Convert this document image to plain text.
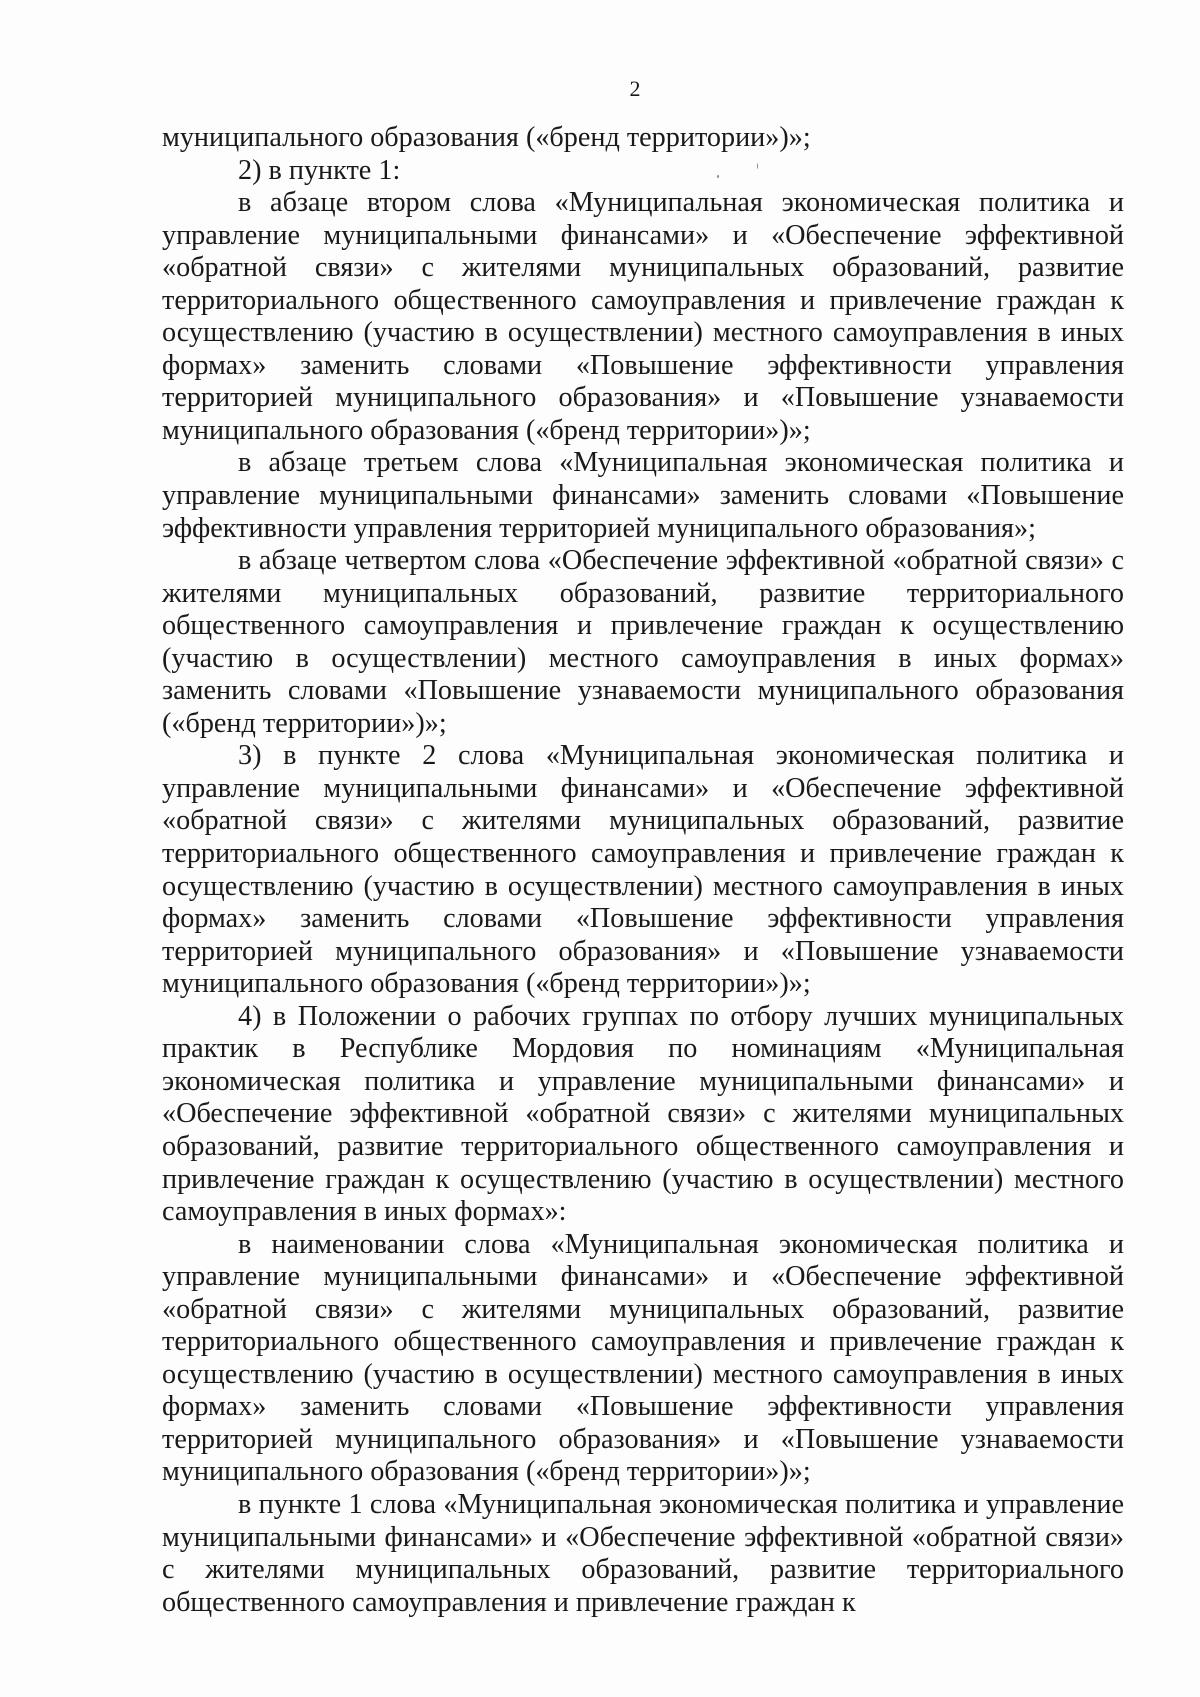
2

муниципального образования («бренд территории»)»;

2) в пункте 1:

в абзаце втором слова «Муниципальная экономическая политика и управление муниципальными финансами» и «Обеспечение эффективной «обратной связи» с жителями муниципальных образований, развитие территориального общественного самоуправления и привлечение граждан к осуществлению (участию в осуществлении) местного самоуправления в иных формах» заменить словами «Повышение эффективности управления территорией муниципального образования» и «Повышение узнаваемости муниципального образования («бренд территории»)»;

в абзаце третьем слова «Муниципальная экономическая политика и управление муниципальными финансами» заменить словами «Повышение эффективности управления территорией муниципального образования»;

в абзаце четвертом слова «Обеспечение эффективной «обратной связи» с жителями муниципальных образований, развитие территориального общественного самоуправления и привлечение граждан к осуществлению (участию в осуществлении) местного самоуправления в иных формах» заменить словами «Повышение узнаваемости муниципального образования («бренд территории»)»;

3) в пункте 2 слова «Муниципальная экономическая политика и управление муниципальными финансами» и «Обеспечение эффективной «обратной связи» с жителями муниципальных образований, развитие территориального общественного самоуправления и привлечение граждан к осуществлению (участию в осуществлении) местного самоуправления в иных формах» заменить словами «Повышение эффективности управления территорией муниципального образования» и «Повышение узнаваемости муниципального образования («бренд территории»)»;

4) в Положении о рабочих группах по отбору лучших муниципальных практик в Республике Мордовия по номинациям «Муниципальная экономическая политика и управление муниципальными финансами» и «Обеспечение эффективной «обратной связи» с жителями муниципальных образований, развитие территориального общественного самоуправления и привлечение граждан к осуществлению (участию в осуществлении) местного самоуправления в иных формах»:

в наименовании слова «Муниципальная экономическая политика и управление муниципальными финансами» и «Обеспечение эффективной «обратной связи» с жителями муниципальных образований, развитие территориального общественного самоуправления и привлечение граждан к осуществлению (участию в осуществлении) местного самоуправления в иных формах» заменить словами «Повышение эффективности управления территорией муниципального образования» и «Повышение узнаваемости муниципального образования («бренд территории»)»;

в пункте 1 слова «Муниципальная экономическая политика и управление муниципальными финансами» и «Обеспечение эффективной «обратной связи» с жителями муниципальных образований, развитие территориального общественного самоуправления и привлечение граждан к
